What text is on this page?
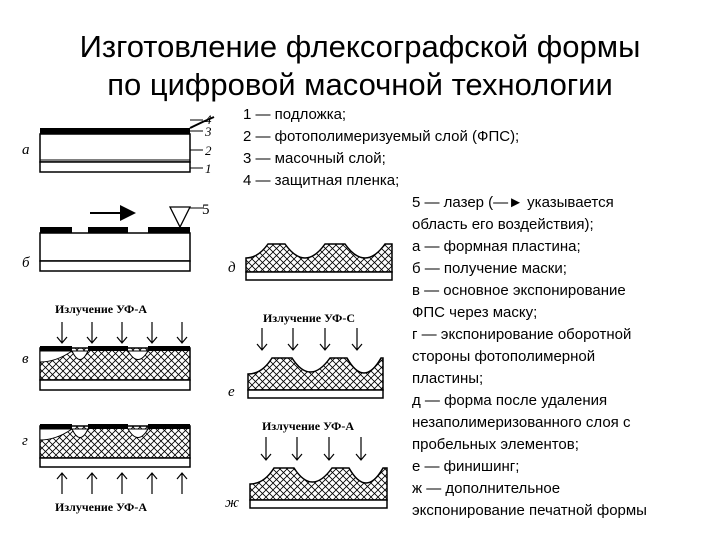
Изготовление флексографской формы
по цифровой масочной технологии
4
3
2
1
а
5
б
Излучение УФ-А
в
г
Излучение УФ-А
д
Излучение УФ-С
е
Излучение УФ-А
ж
1 — подложка;
2 — фотополимеризуемый слой (ФПС);
3 — масочный слой;
4 — защитная пленка;
5 — лазер (—► указывается
область его воздействия);
а — формная пластина;
б — получение маски;
в — основное экспонирование
ФПС через маску;
г — экспонирование оборотной
стороны фотополимерной
пластины;
д — форма после удаления
незаполимеризованного слоя с
пробельных элементов;
е — финишинг;
ж — дополнительное
экспонирование печатной формы
